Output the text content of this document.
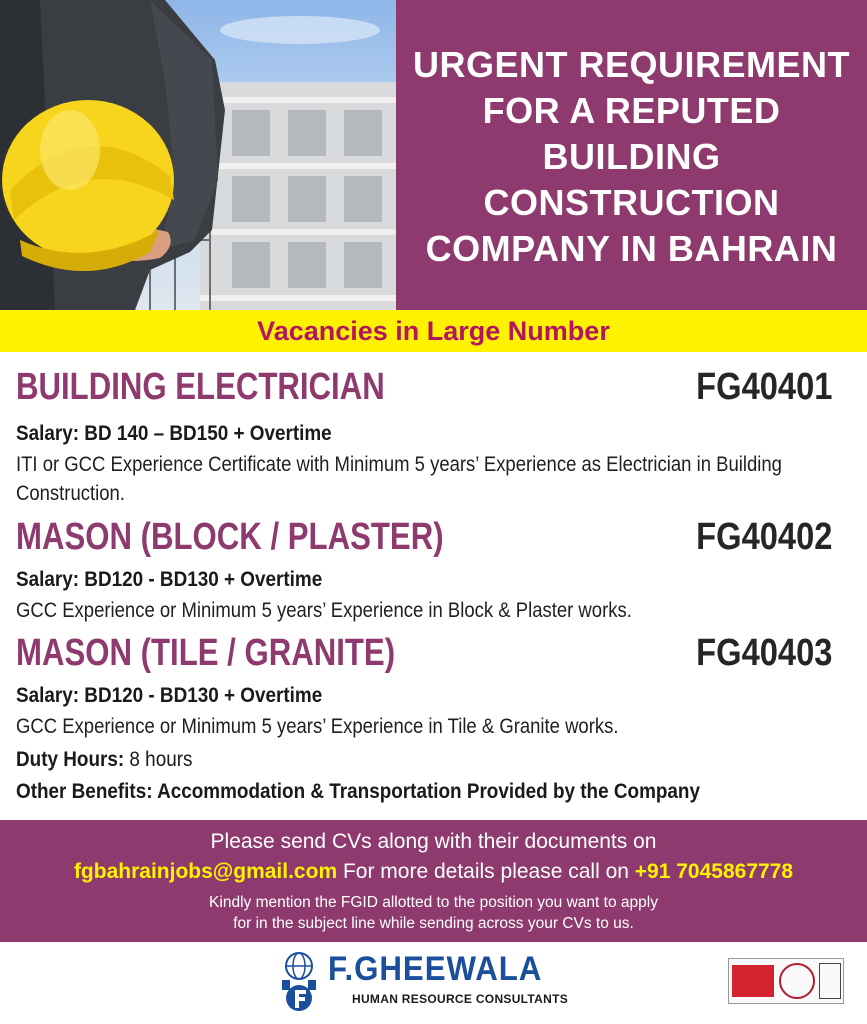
URGENT REQUIREMENT
FOR A REPUTED
BUILDING CONSTRUCTION
COMPANY IN BAHRAIN
Vacancies in Large Number
BUILDING ELECTRICIAN	FG40401
Salary: BD 140 – BD150 + Overtime
ITI or GCC Experience Certificate with Minimum 5 years’ Experience as Electrician in Building Construction.
MASON (BLOCK / PLASTER)	FG40402
Salary: BD120 - BD130 + Overtime
GCC Experience or Minimum 5 years’ Experience in Block & Plaster works.
MASON (TILE / GRANITE)	FG40403
Salary: BD120 - BD130 + Overtime
GCC Experience or Minimum 5 years’ Experience in Tile & Granite works.
Duty Hours: 8 hours
Other Benefits: Accommodation & Transportation Provided by the Company
Please send CVs along with their documents on
fgbahrainjobs@gmail.com For more details please call on +91 7045867778
Kindly mention the FGID allotted to the position you want to apply
for in the subject line while sending across your CVs to us.
F.GHEEWALA
HUMAN RESOURCE CONSULTANTS
